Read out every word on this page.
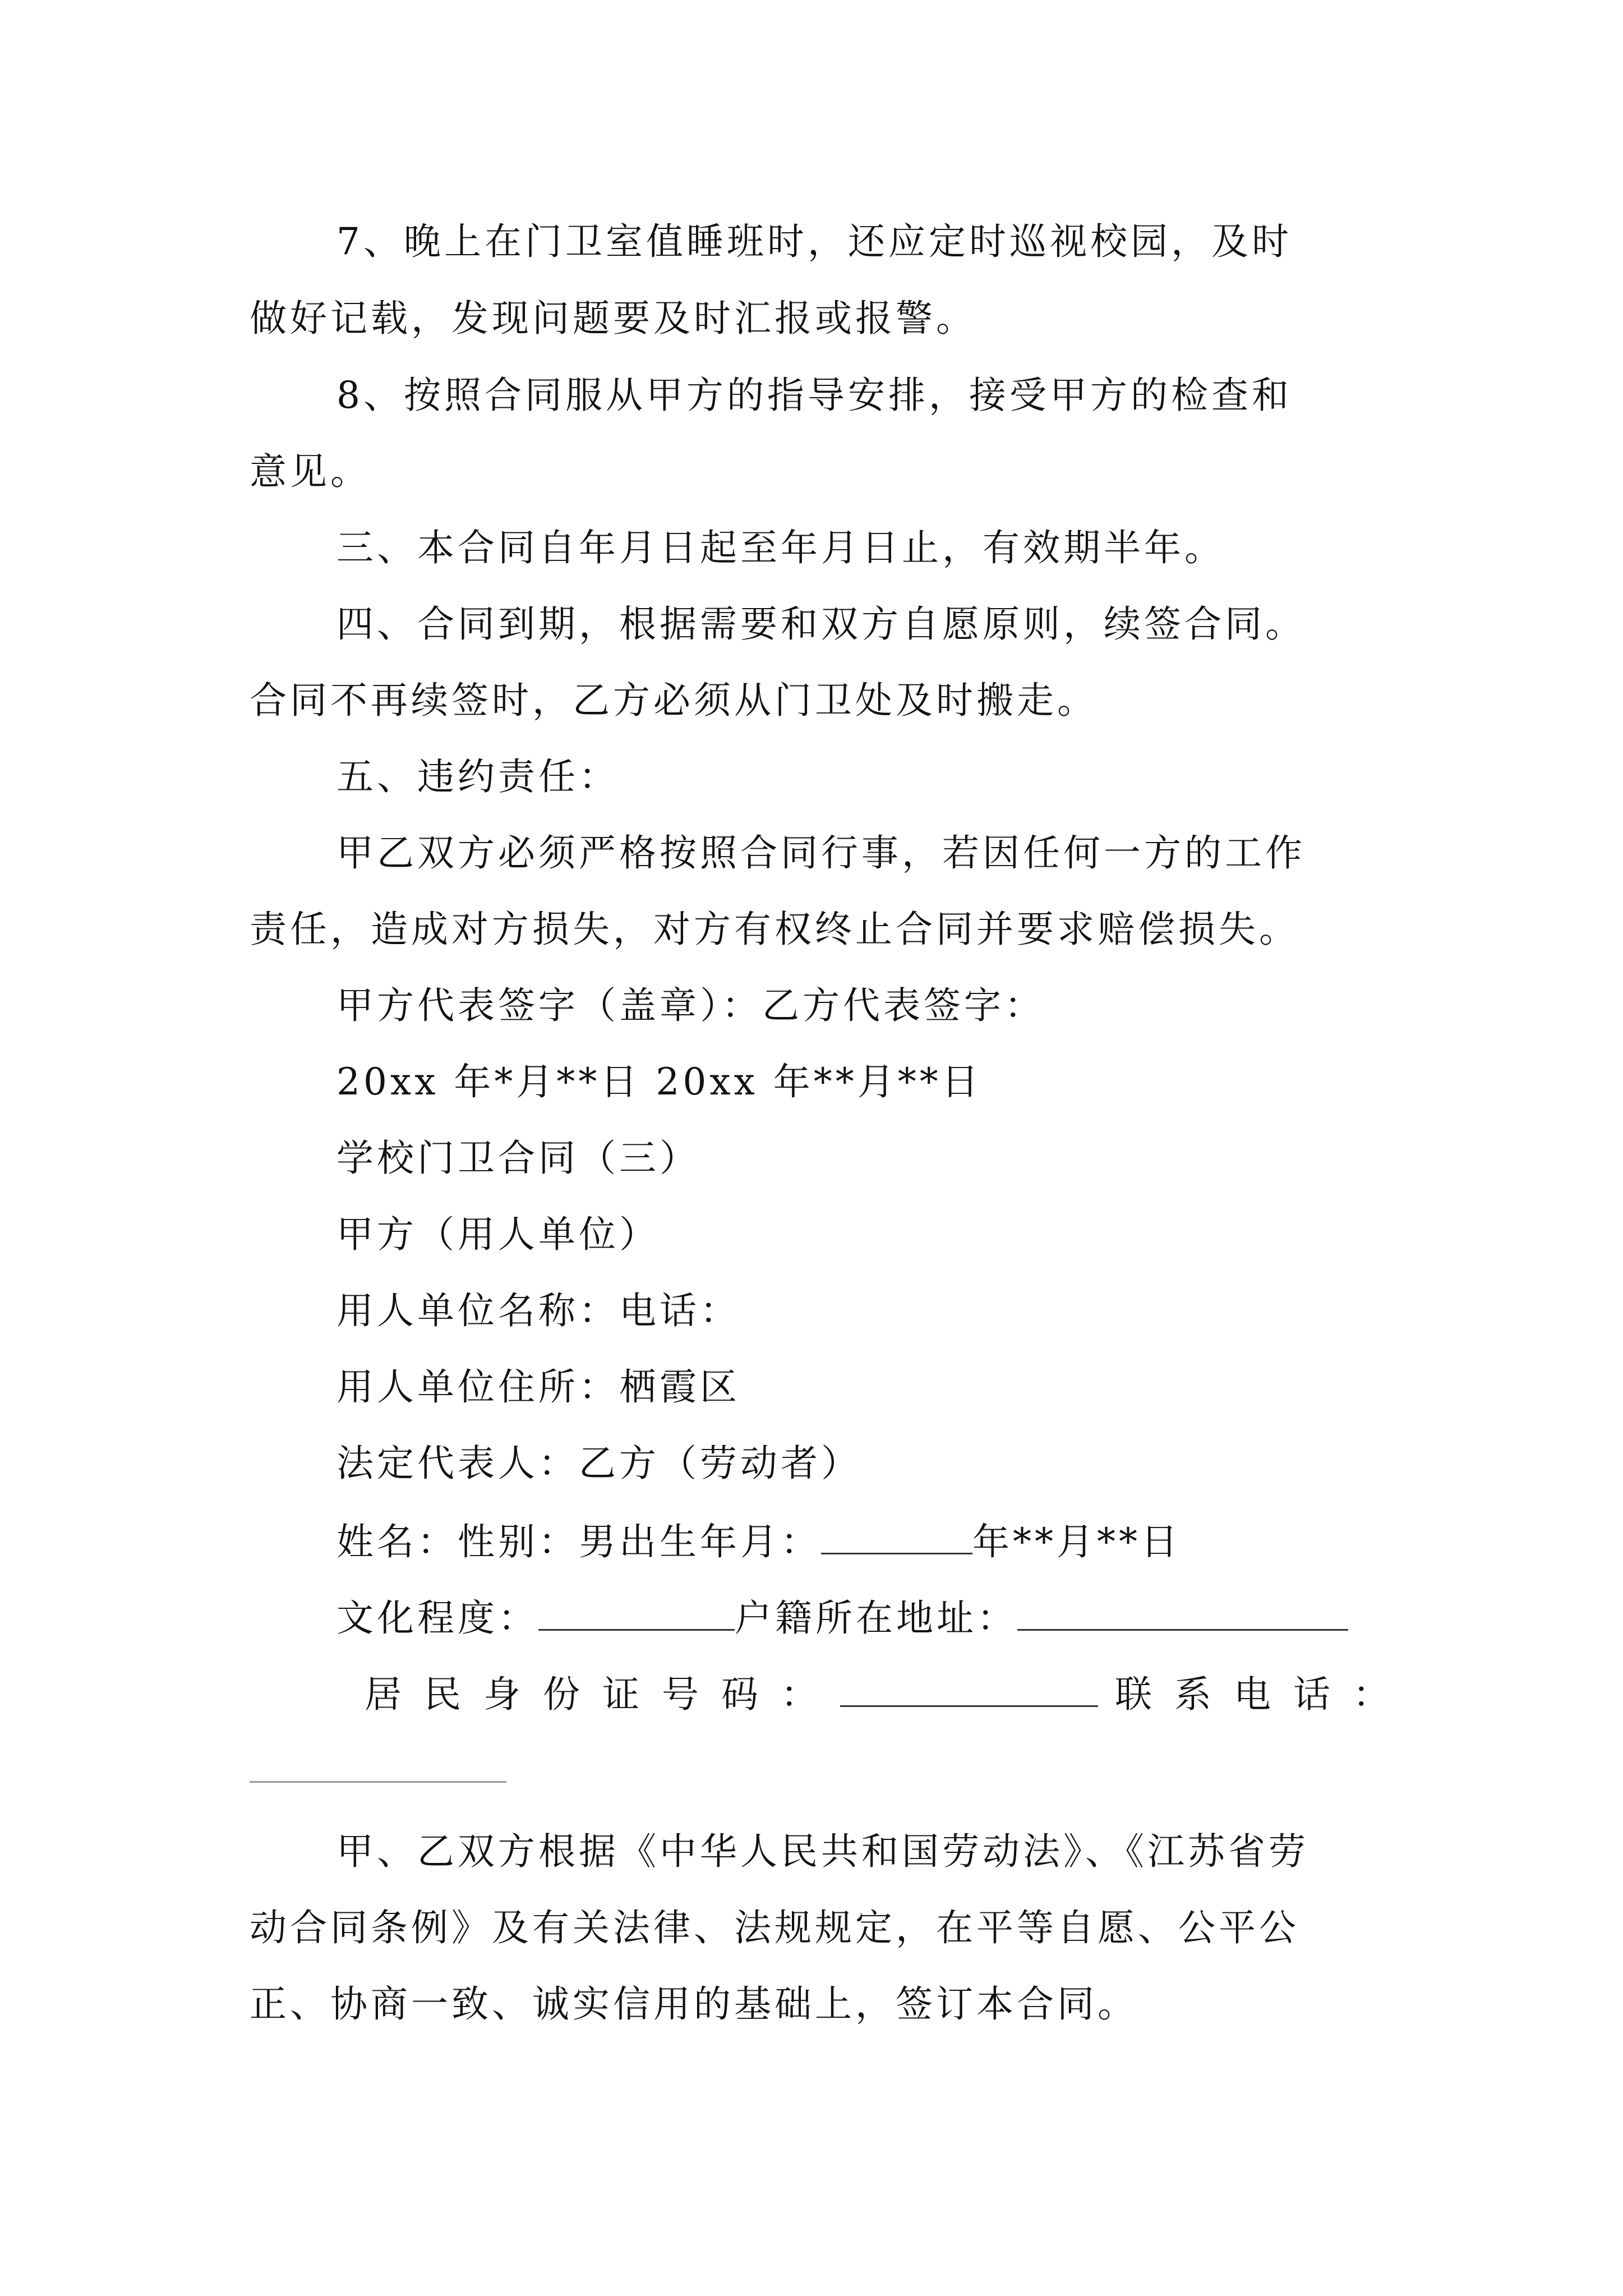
7、晚上在门卫室值睡班时，还应定时巡视校园，及时
做好记载，发现问题要及时汇报或报警。
8、按照合同服从甲方的指导安排，接受甲方的检查和
意见。
三、本合同自年月日起至年月日止，有效期半年。
四、合同到期，根据需要和双方自愿原则，续签合同。
合同不再续签时，乙方必须从门卫处及时搬走。
五、违约责任：
甲乙双方必须严格按照合同行事，若因任何一方的工作
责任，造成对方损失，对方有权终止合同并要求赔偿损失。
甲方代表签字（盖章）：乙方代表签字：
20xx 年*月**日 20xx 年**月**日
学校门卫合同（三）
甲方（用人单位）
用人单位名称：电话：
用人单位住所：栖霞区
法定代表人：乙方（劳动者）
姓名：性别：男出生年月：	年**月**日
文化程度：	户籍所在地址：
居民身份证号码：	联系电话：
甲、乙双方根据《中华人民共和国劳动法》、《江苏省劳
动合同条例》及有关法律、法规规定，在平等自愿、公平公
正、协商一致、诚实信用的基础上，签订本合同。
